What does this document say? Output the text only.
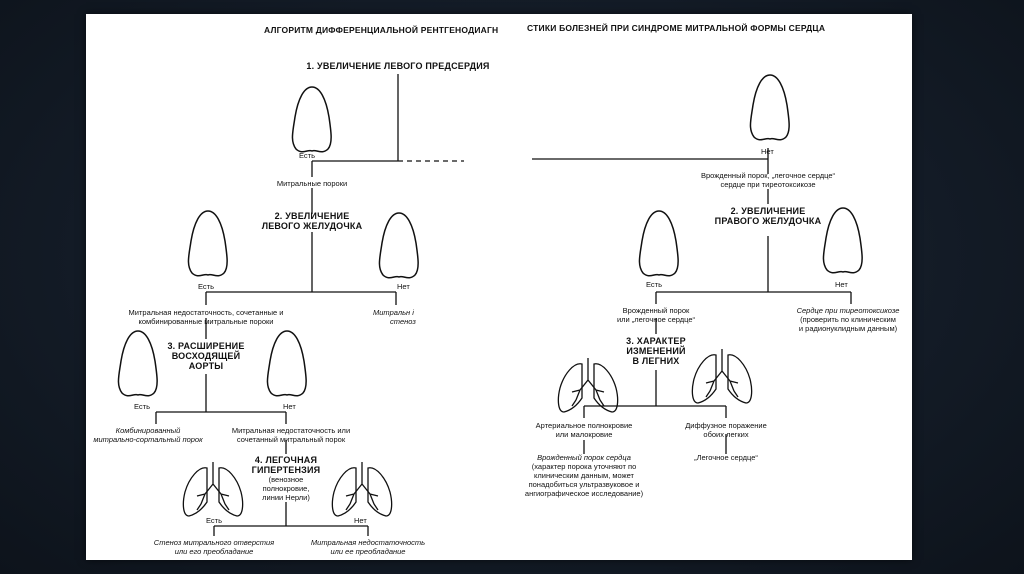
АЛГОРИТМ ДИФФЕРЕНЦИАЛЬНОЙ РЕНТГЕНОДИАГН	СТИКИ БОЛЕЗНЕЙ ПРИ СИНДРОМЕ МИТРАЛЬНОЙ ФОРМЫ СЕРДЦА
1. УВЕЛИЧЕНИЕ ЛЕВОГО ПРЕДСЕРДИЯ
Есть
Митральные пороки
2. УВЕЛИЧЕНИЕ
ЛЕВОГО ЖЕЛУДОЧКА
Есть	Нет
Митральная недостаточность, сочетанные и
комбинированные митральные пороки
Митральн і
стеноз
3. РАСШИРЕНИЕ
ВОСХОДЯЩЕЙ
АОРТЫ
Есть	Нет
Комбинированный
митрально-сортальный порок
Митральная недостаточность или
сочетанный митральный порок
4. ЛЕГОЧНАЯ
ГИПЕРТЕНЗИЯ
(венозное
полнокровие,
линии Нерли)
Есть	Нет
Стеноз митрального отверстия
или его преобладание
Митральная недостаточность
или ее преобладание
Нет
Врожденный порок, „легочное сердце“
сердце при тиреотоксикозе
2. УВЕЛИЧЕНИЕ
ПРАВОГО ЖЕЛУДОЧКА
Есть	Нет
Врожденный порок
или „легочное сердце“
Сердце при тиреотоксикозе
(проверить по клиническим
и радионуклидным данным)
3. ХАРАКТЕР
ИЗМЕНЕНИЙ
В ЛЕГНИХ
Артериальное полнокровие
или малокровие
Диффузное поражение
обоих легких
Врожденный порок сердца
(характер порока уточняют по
клиническим данным, может
понадобиться ультразвуковое и
ангиографическое исследование)
„Легочное сердце“
